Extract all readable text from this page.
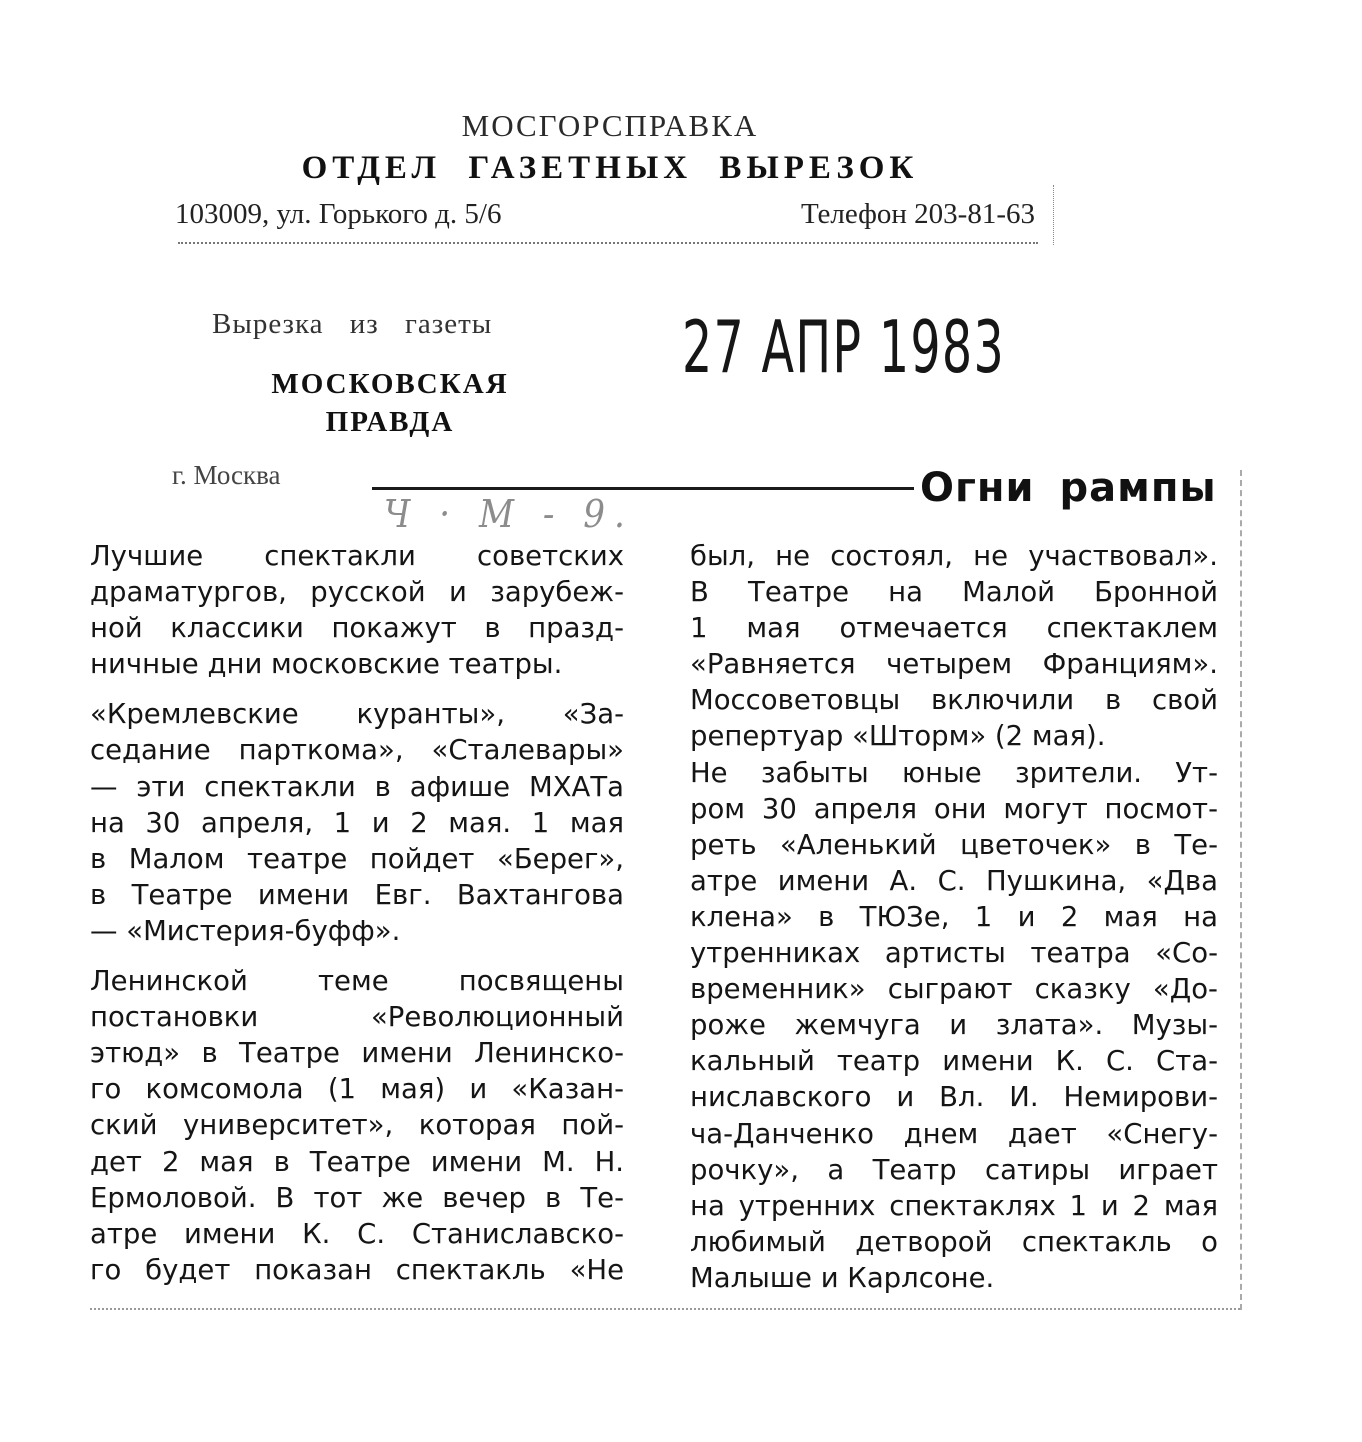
МОСГОРСПРАВКА
ОТДЕЛ ГАЗЕТНЫХ ВЫРЕЗОК
103009, ул. Горького д. 5/6	Телефон 203-81-63
Вырезка из газеты
МОСКОВСКАЯ
ПРАВДА
г. Москва
27 АПР 1983
Ч · М - 9.
Огни рампы

Лучшие спектакли советских

драматургов, русской и зарубеж-

ной классики покажут в празд-

ничные дни московские театры.

«Кремлевские куранты», «За-

седание парткома», «Сталевары»

— эти спектакли в афише МХАТа

на 30 апреля, 1 и 2 мая. 1 мая

в Малом театре пойдет «Берег»,

в Театре имени Евг. Вахтангова

— «Мистерия-буфф».

Ленинской теме посвящены

постановки «Революционный

этюд» в Театре имени Ленинско-

го комсомола (1 мая) и «Казан-

ский университет», которая пой-

дет 2 мая в Театре имени М. Н.

Ермоловой. В тот же вечер в Те-

атре имени К. С. Станиславско-

го будет показан спектакль «Не

был, не состоял, не участвовал».

В Театре на Малой Бронной

1 мая отмечается спектаклем

«Равняется четырем Франциям».

Моссоветовцы включили в свой

репертуар «Шторм» (2 мая).

Не забыты юные зрители. Ут-

ром 30 апреля они могут посмот-

реть «Аленький цветочек» в Те-

атре имени А. С. Пушкина, «Два

клена» в ТЮЗе, 1 и 2 мая на

утренниках артисты театра «Со-

временник» сыграют сказку «До-

роже жемчуга и злата». Музы-

кальный театр имени К. С. Ста-

ниславского и Вл. И. Немирови-

ча-Данченко днем дает «Снегу-

рочку», а Театр сатиры играет

на утренних спектаклях 1 и 2 мая

любимый детворой спектакль о

Малыше и Карлсоне.
